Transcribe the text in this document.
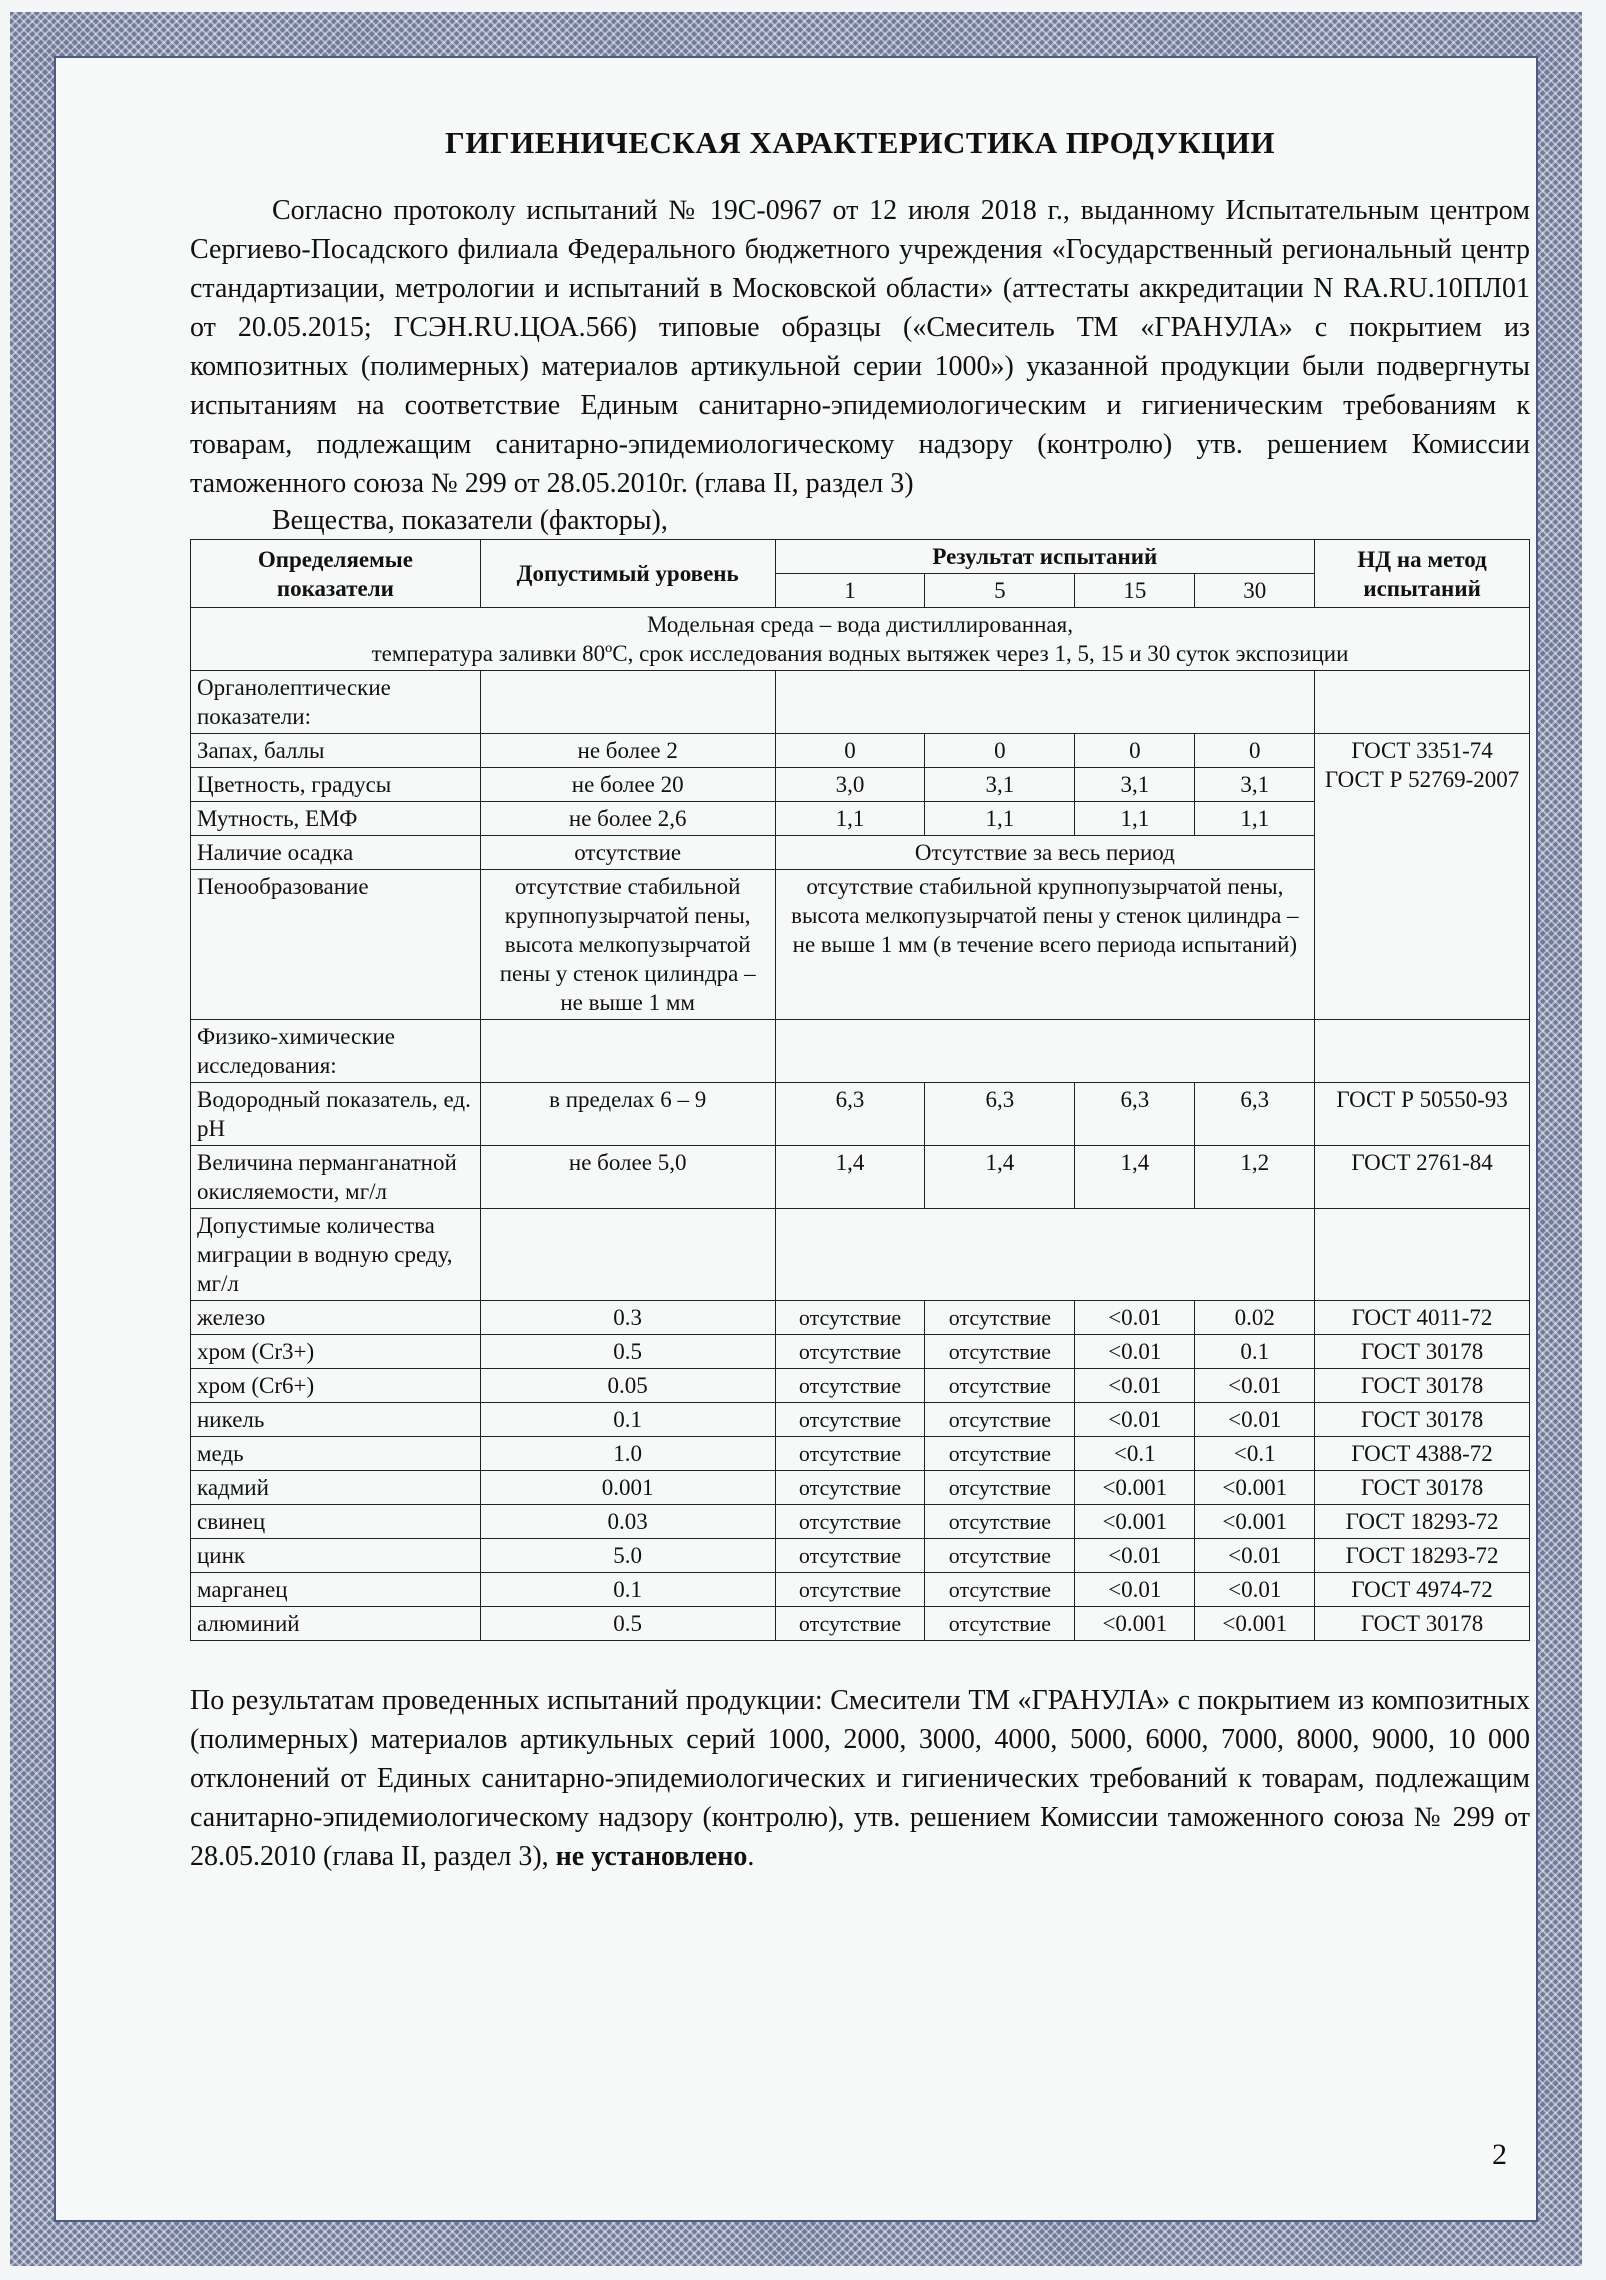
ГИГИЕНИЧЕСКАЯ ХАРАКТЕРИСТИКА ПРОДУКЦИИ

Согласно протоколу испытаний № 19С-0967 от 12 июля 2018 г., выданному Испытательным центром Сергиево-Посадского филиала Федерального бюджетного учреждения «Государственный региональный центр стандартизации, метрологии и испытаний в Московской области» (аттестаты аккредитации N RA.RU.10ПЛ01 от 20.05.2015; ГСЭН.RU.ЦОА.566) типовые образцы («Смеситель ТМ «ГРАНУЛА» с покрытием из композитных (полимерных) материалов артикульной серии 1000») указанной продукции были подвергнуты испытаниям на соответствие Единым санитарно-эпидемиологическим и гигиеническим требованиям к товарам, подлежащим санитарно-эпидемиологическому надзору (контролю) утв. решением Комиссии таможенного союза № 299 от 28.05.2010г. (глава II, раздел 3)

Вещества, показатели (факторы),

Определяемые показатели	Допустимый уровень	Результат испытаний				НД на метод испытаний
		1	5	15	30	

Модельная среда – вода дистиллированная,
температура заливки 80ºС, срок исследования водных вытяжек через 1, 5, 15 и 30 суток экспозиции						

Органолептические показатели:						
Запах, баллы	не более 2	0	0	0	0	ГОСТ 3351-74 ГОСТ Р 52769-2007
Цветность, градусы	не более 20	3,0	3,1	3,1	3,1	
Мутность, ЕМФ	не более 2,6	1,1	1,1	1,1	1,1	
Наличие осадка	отсутствие	Отсутствие за весь период				
Пенообразование	отсутствие стабильной крупнопузырчатой пены, высота мелкопузырчатой пены у стенок цилиндра – не выше 1 мм	отсутствие стабильной крупнопузырчатой пены, высота мелкопузырчатой пены у стенок цилиндра – не выше 1 мм (в течение всего периода испытаний)				
Физико-химические исследования:						
Водородный показатель, ед. рН	в пределах 6 – 9	6,3	6,3	6,3	6,3	ГОСТ Р 50550-93
Величина перманганатной окисляемости, мг/л	не более 5,0	1,4	1,4	1,4	1,2	ГОСТ 2761-84
Допустимые количества миграции в водную среду, мг/л						
железо	0.3	отсутствие	отсутствие	<0.01	0.02	ГОСТ 4011-72
хром (Cr3+)	0.5	отсутствие	отсутствие	<0.01	0.1	ГОСТ 30178
хром (Cr6+)	0.05	отсутствие	отсутствие	<0.01	<0.01	ГОСТ 30178
никель	0.1	отсутствие	отсутствие	<0.01	<0.01	ГОСТ 30178
медь	1.0	отсутствие	отсутствие	<0.1	<0.1	ГОСТ 4388-72
кадмий	0.001	отсутствие	отсутствие	<0.001	<0.001	ГОСТ 30178
свинец	0.03	отсутствие	отсутствие	<0.001	<0.001	ГОСТ 18293-72
цинк	5.0	отсутствие	отсутствие	<0.01	<0.01	ГОСТ 18293-72
марганец	0.1	отсутствие	отсутствие	<0.01	<0.01	ГОСТ 4974-72
алюминий	0.5	отсутствие	отсутствие	<0.001	<0.001	ГОСТ 30178

По результатам проведенных испытаний продукции: Смесители ТМ «ГРАНУЛА» с покрытием из композитных (полимерных) материалов артикульных серий 1000, 2000, 3000, 4000, 5000, 6000, 7000, 8000, 9000, 10 000 отклонений от Единых санитарно-эпидемиологических и гигиенических требований к товарам, подлежащим санитарно-эпидемиологическому надзору (контролю), утв. решением Комиссии таможенного союза № 299 от 28.05.2010 (глава II, раздел 3), не установлено.

2
